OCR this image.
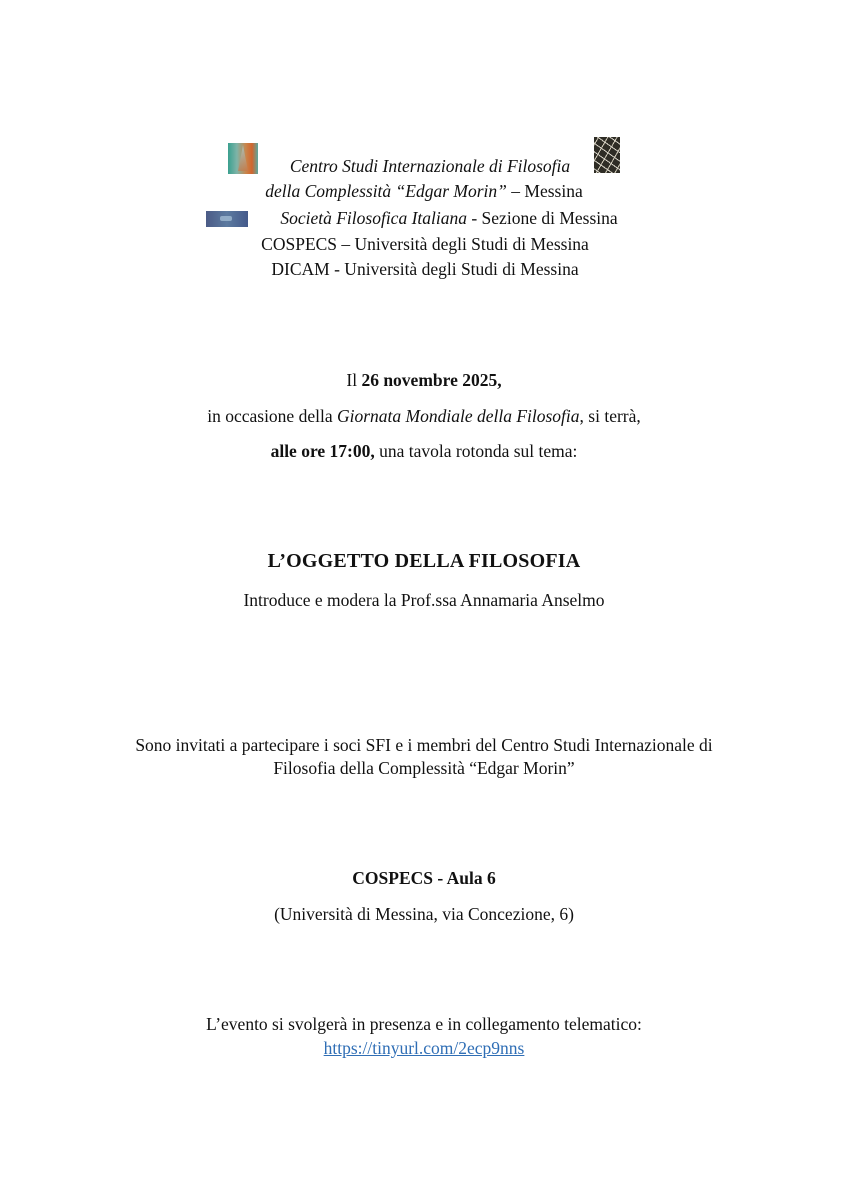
Centro Studi Internazionale di Filosofia
della Complessità “Edgar Morin” – Messina
Società Filosofica Italiana - Sezione di Messina
COSPECS – Università degli Studi di Messina
DICAM - Università degli Studi di Messina
Il 26 novembre 2025,
in occasione della Giornata Mondiale della Filosofia, si terrà,
alle ore 17:00, una tavola rotonda sul tema:
L’OGGETTO DELLA FILOSOFIA
Introduce e modera la Prof.ssa Annamaria Anselmo
Sono invitati a partecipare i soci SFI e i membri del Centro Studi Internazionale di
Filosofia della Complessità “Edgar Morin”
COSPECS - Aula 6
(Università di Messina, via Concezione, 6)
L’evento si svolgerà in presenza e in collegamento telematico:
https://tinyurl.com/2ecp9nns
